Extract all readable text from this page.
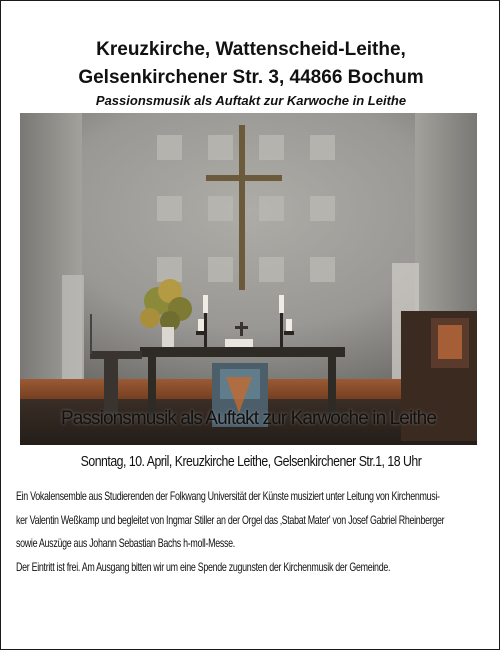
Kreuzkirche, Wattenscheid-Leithe,
Gelsenkirchener Str. 3, 44866 Bochum
Passionsmusik als Auftakt zur Karwoche in Leithe
Passionsmusik als Auftakt zur Karwoche in Leithe
Sonntag, 10. April, Kreuzkirche Leithe, Gelsenkirchener Str.1, 18 Uhr
Ein Vokalensemble aus Studierenden der Folkwang Universität der Künste musiziert unter Leitung von Kirchenmusi-
ker Valentin Weßkamp und begleitet von Ingmar Stiller an der Orgel das ‚Stabat Mater' von Josef Gabriel Rheinberger
sowie Auszüge aus Johann Sebastian Bachs h-moll-Messe.
Der Eintritt ist frei. Am Ausgang bitten wir um eine Spende zugunsten der Kirchenmusik der Gemeinde.
